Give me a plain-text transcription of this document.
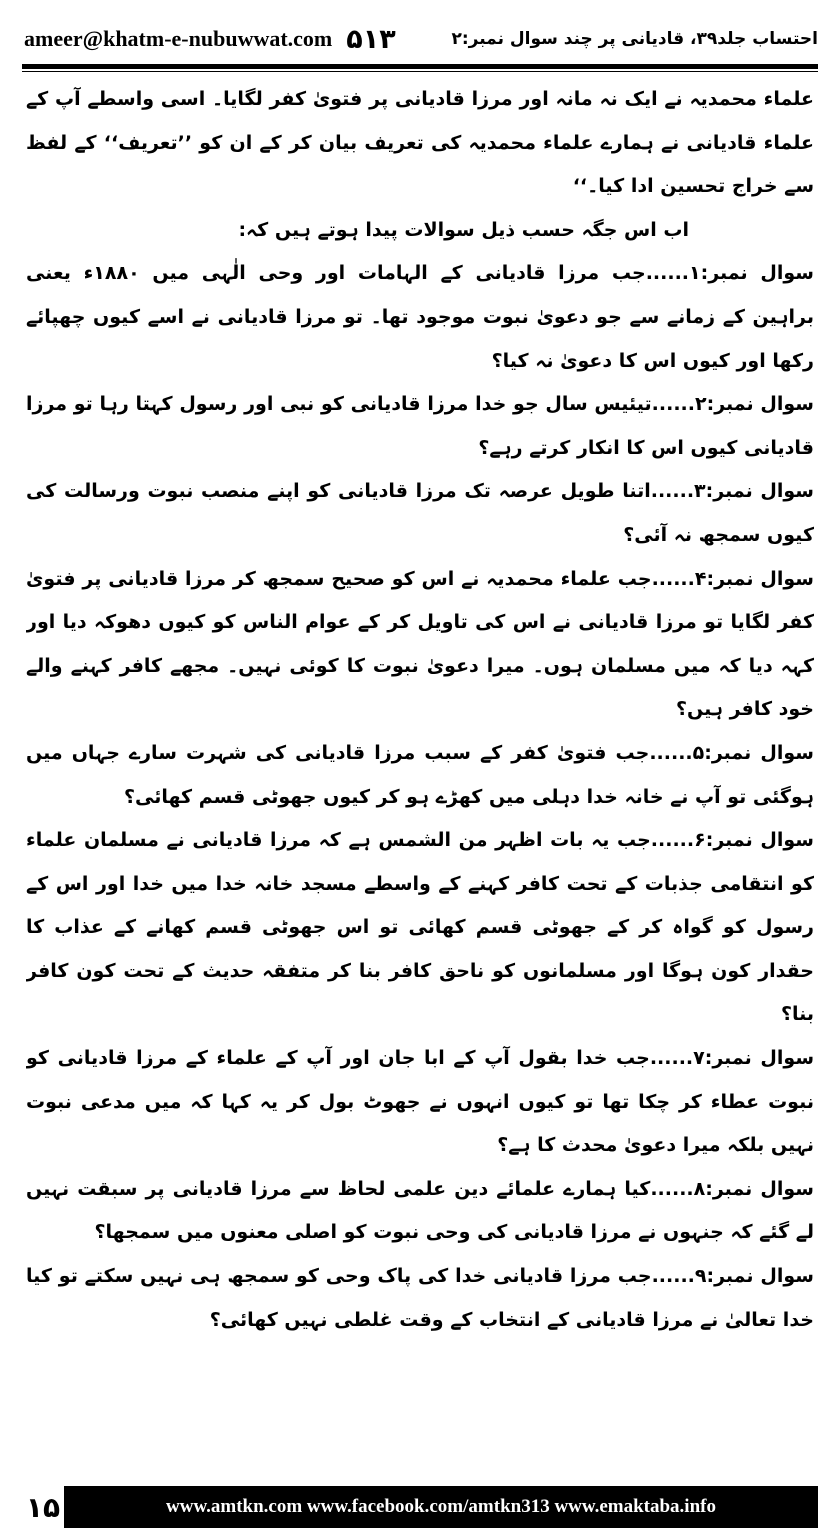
ameer@khatm-e-nubuwwat.com ۵۱۳	احتساب جلد۳۹، قادیانی پر چند سوال نمبر:۲

علماء محمدیہ نے ایک نہ مانہ اور مرزا قادیانی پر فتویٰ کفر لگایا۔ اسی واسطے آپ کے علماء قادیانی نے ہمارے علماء محمدیہ کی تعریف بیان کر کے ان کو ’’تعریف‘‘ کے لفظ سے خراج تحسین ادا کیا۔‘‘

اب اس جگہ حسب ذیل سوالات پیدا ہوتے ہیں کہ:

سوال نمبر:۱......جب مرزا قادیانی کے الہامات اور وحی الٰہی میں ۱۸۸۰ء یعنی براہین کے زمانے سے جو دعویٰ نبوت موجود تھا۔ تو مرزا قادیانی نے اسے کیوں چھپائے رکھا اور کیوں اس کا دعویٰ نہ کیا؟

سوال نمبر:۲......تیئیس سال جو خدا مرزا قادیانی کو نبی اور رسول کہتا رہا تو مرزا قادیانی کیوں اس کا انکار کرتے رہے؟

سوال نمبر:۳......اتنا طویل عرصہ تک مرزا قادیانی کو اپنے منصب نبوت ورسالت کی کیوں سمجھ نہ آئی؟

سوال نمبر:۴......جب علماء محمدیہ نے اس کو صحیح سمجھ کر مرزا قادیانی پر فتویٰ کفر لگایا تو مرزا قادیانی نے اس کی تاویل کر کے عوام الناس کو کیوں دھوکہ دیا اور کہہ دیا کہ میں مسلمان ہوں۔ میرا دعویٰ نبوت کا کوئی نہیں۔ مجھے کافر کہنے والے خود کافر ہیں؟

سوال نمبر:۵......جب فتویٰ کفر کے سبب مرزا قادیانی کی شہرت سارے جہاں میں ہوگئی تو آپ نے خانہ خدا دہلی میں کھڑے ہو کر کیوں جھوٹی قسم کھائی؟

سوال نمبر:۶......جب یہ بات اظہر من الشمس ہے کہ مرزا قادیانی نے مسلمان علماء کو انتقامی جذبات کے تحت کافر کہنے کے واسطے مسجد خانہ خدا میں خدا اور اس کے رسول کو گواہ کر کے جھوٹی قسم کھائی تو اس جھوٹی قسم کھانے کے عذاب کا حقدار کون ہوگا اور مسلمانوں کو ناحق کافر بنا کر متفقہ حدیث کے تحت کون کافر بنا؟

سوال نمبر:۷......جب خدا بقول آپ کے ابا جان اور آپ کے علماء کے مرزا قادیانی کو نبوت عطاء کر چکا تھا تو کیوں انہوں نے جھوٹ بول کر یہ کہا کہ میں مدعی نبوت نہیں بلکہ میرا دعویٰ محدث کا ہے؟

سوال نمبر:۸......کیا ہمارے علمائے دین علمی لحاظ سے مرزا قادیانی پر سبقت نہیں لے گئے کہ جنہوں نے مرزا قادیانی کی وحی نبوت کو اصلی معنوں میں سمجھا؟

سوال نمبر:۹......جب مرزا قادیانی خدا کی پاک وحی کو سمجھ ہی نہیں سکتے تو کیا خدا تعالیٰ نے مرزا قادیانی کے انتخاب کے وقت غلطی نہیں کھائی؟

۱۵	www.amtkn.com www.facebook.com/amtkn313 www.emaktaba.info
